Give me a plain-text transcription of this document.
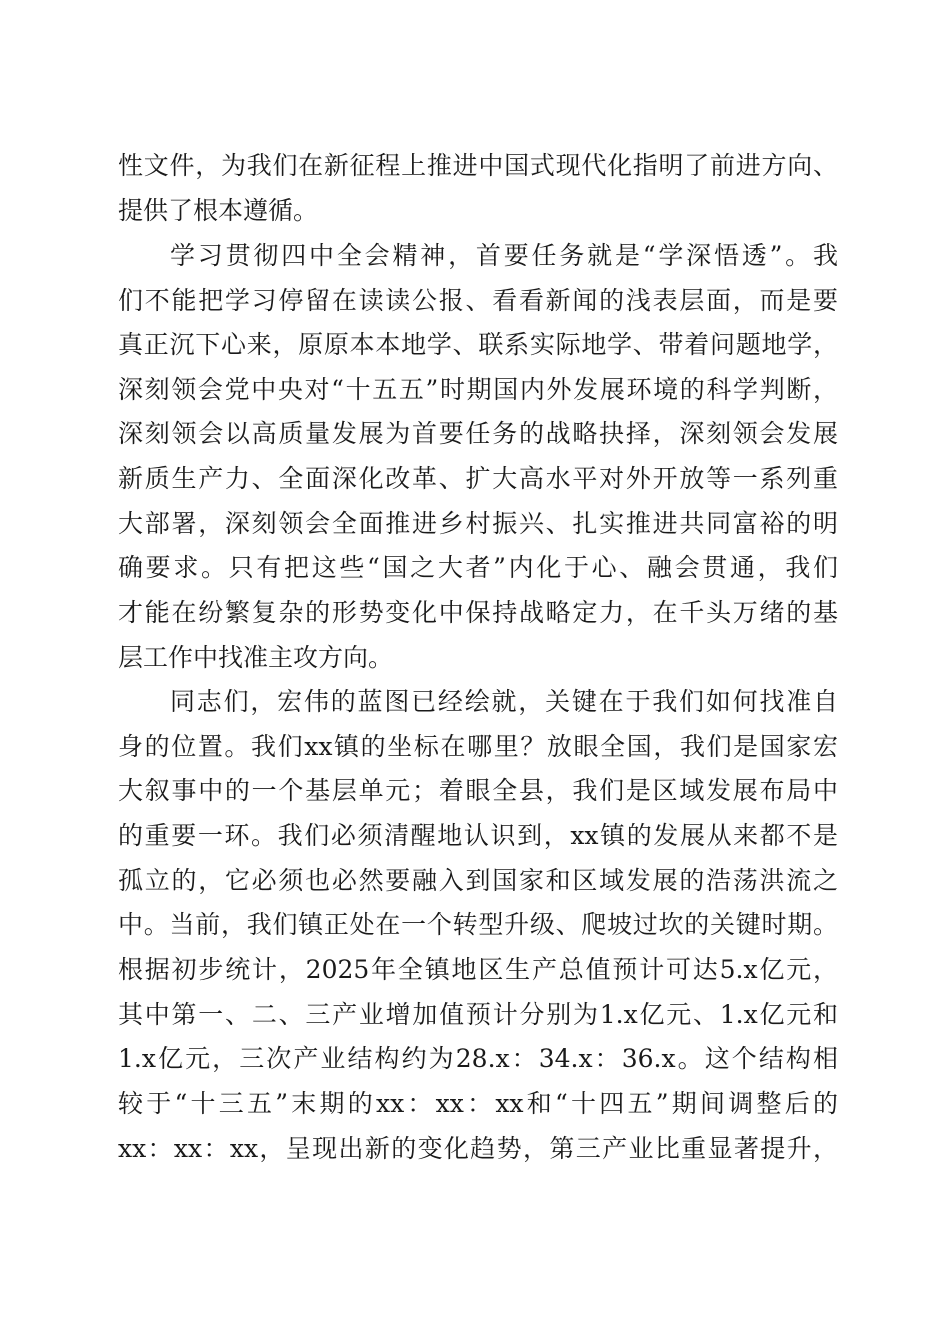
性文件，为我们在新征程上推进中国式现代化指明了前进方向、
提供了根本遵循。
学习贯彻四中全会精神，首要任务就是“学深悟透”。我
们不能把学习停留在读读公报、看看新闻的浅表层面，而是要
真正沉下心来，原原本本地学、联系实际地学、带着问题地学，
深刻领会党中央对“十五五”时期国内外发展环境的科学判断，
深刻领会以高质量发展为首要任务的战略抉择，深刻领会发展
新质生产力、全面深化改革、扩大高水平对外开放等一系列重
大部署，深刻领会全面推进乡村振兴、扎实推进共同富裕的明
确要求。只有把这些“国之大者”内化于心、融会贯通，我们
才能在纷繁复杂的形势变化中保持战略定力，在千头万绪的基
层工作中找准主攻方向。
同志们，宏伟的蓝图已经绘就，关键在于我们如何找准自
身的位置。我们xx镇的坐标在哪里？放眼全国，我们是国家宏
大叙事中的一个基层单元；着眼全县，我们是区域发展布局中
的重要一环。我们必须清醒地认识到，xx镇的发展从来都不是
孤立的，它必须也必然要融入到国家和区域发展的浩荡洪流之
中。当前，我们镇正处在一个转型升级、爬坡过坎的关键时期。
根据初步统计，2025年全镇地区生产总值预计可达5.x亿元，
其中第一、二、三产业增加值预计分别为1.x亿元、1.x亿元和
1.x亿元，三次产业结构约为28.x：34.x：36.x。这个结构相
较于“十三五”末期的xx：xx：xx和“十四五”期间调整后的
xx：xx：xx，呈现出新的变化趋势，第三产业比重显著提升，
